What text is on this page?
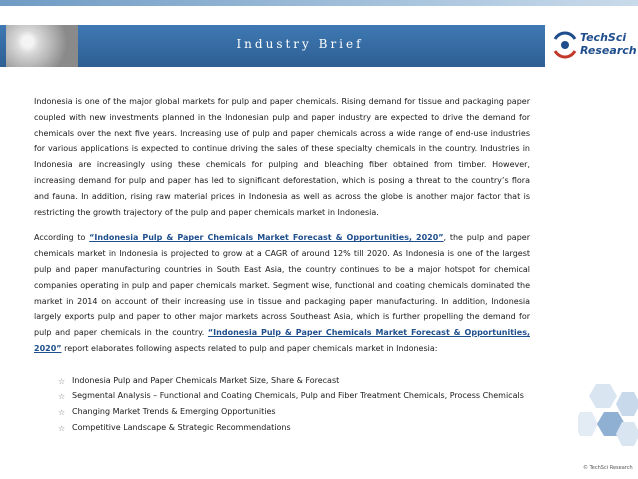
Industry Brief	TechSci
Research

Indonesia is one of the major global markets for pulp and paper chemicals. Rising demand for tissue and packaging paper coupled with new investments planned in the Indonesian pulp and paper industry are expected to drive the demand for chemicals over the next five years. Increasing use of pulp and paper chemicals across a wide range of end-use industries for various applications is expected to continue driving the sales of these specialty chemicals in the country. Industries in Indonesia are increasingly using these chemicals for pulping and bleaching fiber obtained from timber. However, increasing demand for pulp and paper has led to significant deforestation, which is posing a threat to the country’s flora and fauna. In addition, rising raw material prices in Indonesia as well as across the globe is another major factor that is restricting the growth trajectory of the pulp and paper chemicals market in Indonesia.

According to “Indonesia Pulp & Paper Chemicals Market Forecast & Opportunities, 2020”, the pulp and paper chemicals market in Indonesia is projected to grow at a CAGR of around 12% till 2020. As Indonesia is one of the largest pulp and paper manufacturing countries in South East Asia, the country continues to be a major hotspot for chemical companies operating in pulp and paper chemicals market. Segment wise, functional and coating chemicals dominated the market in 2014 on account of their increasing use in tissue and packaging paper manufacturing. In addition, Indonesia largely exports pulp and paper to other major markets across Southeast Asia, which is further propelling the demand for pulp and paper chemicals in the country. “Indonesia Pulp & Paper Chemicals Market Forecast & Opportunities, 2020” report elaborates following aspects related to pulp and paper chemicals market in Indonesia:

☆ Indonesia Pulp and Paper Chemicals Market Size, Share & Forecast
☆ Segmental Analysis – Functional and Coating Chemicals, Pulp and Fiber Treatment Chemicals, Process Chemicals
☆ Changing Market Trends & Emerging Opportunities
☆ Competitive Landscape & Strategic Recommendations
2
© TechSci Research
